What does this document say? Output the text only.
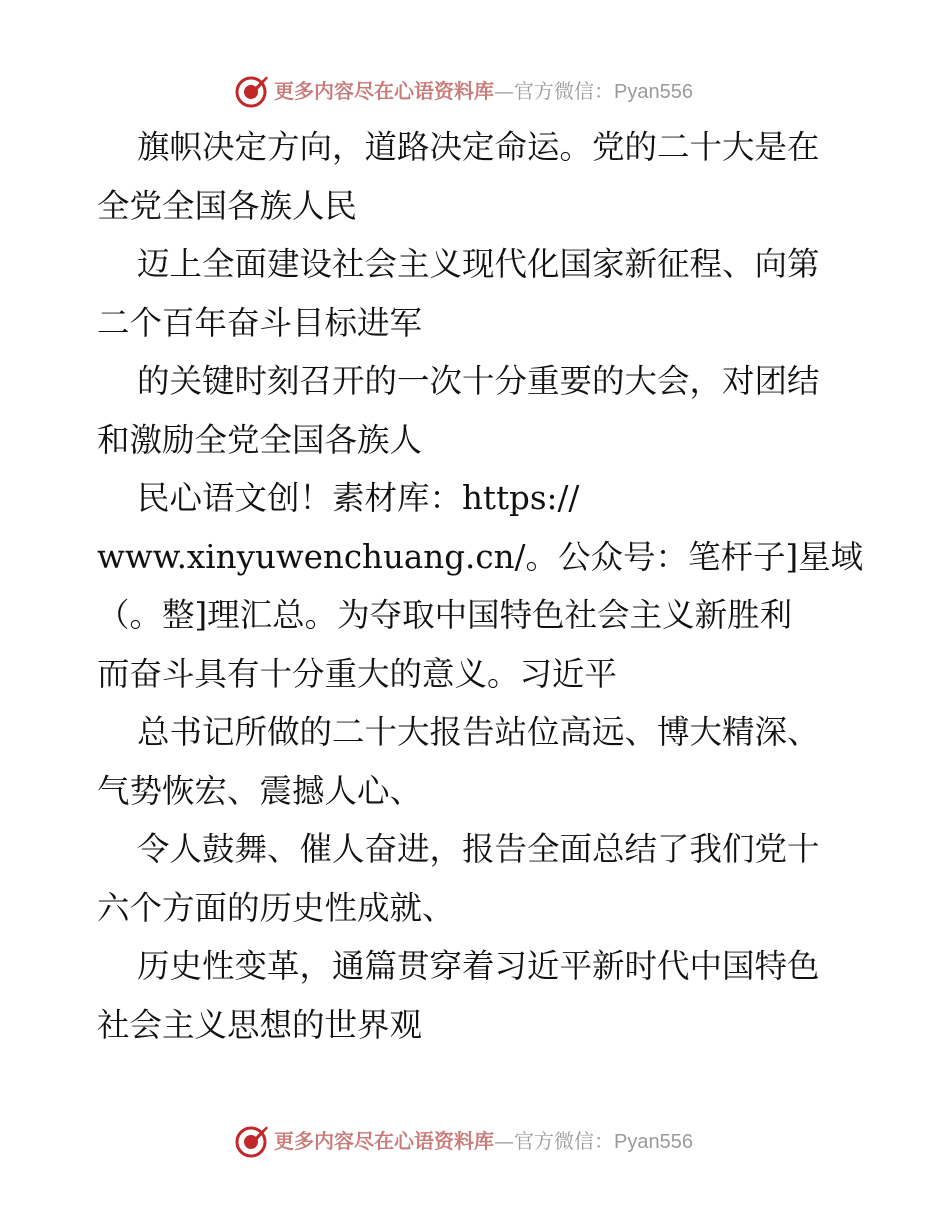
更多内容尽在心语资料库—官方微信：Pyan556

旗帜决定方向，道路决定命运。党的二十大是在

全党全国各族人民

迈上全面建设社会主义现代化国家新征程、向第

二个百年奋斗目标进军

的关键时刻召开的一次十分重要的大会，对团结

和激励全党全国各族人

民心语文创！素材库：https://

www.xinyuwenchuang.cn/。公众号：笔杆子]星域

（。整]理汇总。为夺取中国特色社会主义新胜利

而奋斗具有十分重大的意义。习近平

总书记所做的二十大报告站位高远、博大精深、

气势恢宏、震撼人心、

令人鼓舞、催人奋进，报告全面总结了我们党十

六个方面的历史性成就、

历史性变革，通篇贯穿着习近平新时代中国特色

社会主义思想的世界观

更多内容尽在心语资料库—官方微信：Pyan556
